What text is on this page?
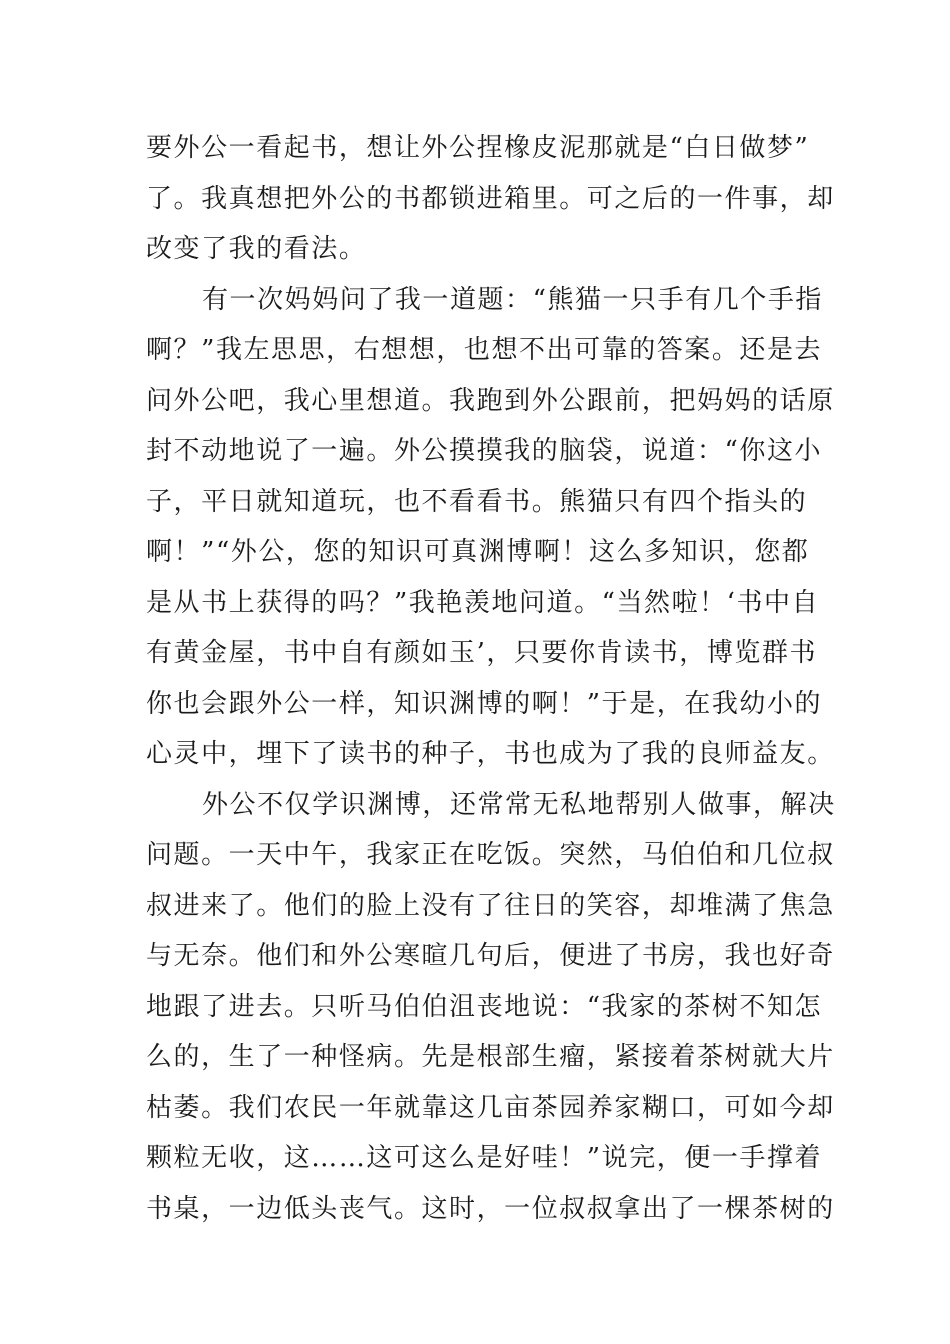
要外公一看起书，想让外公捏橡皮泥那就是“白日做梦”
了。我真想把外公的书都锁进箱里。可之后的一件事，却
改变了我的看法。
有一次妈妈问了我一道题：“熊猫一只手有几个手指
啊？”我左思思，右想想，也想不出可靠的答案。还是去
问外公吧，我心里想道。我跑到外公跟前，把妈妈的话原
封不动地说了一遍。外公摸摸我的脑袋，说道：“你这小
子，平日就知道玩，也不看看书。熊猫只有四个指头的
啊！”“外公，您的知识可真渊博啊！这么多知识，您都
是从书上获得的吗？”我艳羡地问道。“当然啦！‘书中自
有黄金屋，书中自有颜如玉’，只要你肯读书，博览群书
你也会跟外公一样，知识渊博的啊！”于是，在我幼小的
心灵中，埋下了读书的种子，书也成为了我的良师益友。
外公不仅学识渊博，还常常无私地帮别人做事，解决
问题。一天中午，我家正在吃饭。突然，马伯伯和几位叔
叔进来了。他们的脸上没有了往日的笑容，却堆满了焦急
与无奈。他们和外公寒暄几句后，便进了书房，我也好奇
地跟了进去。只听马伯伯沮丧地说：“我家的茶树不知怎
么的，生了一种怪病。先是根部生瘤，紧接着茶树就大片
枯萎。我们农民一年就靠这几亩茶园养家糊口，可如今却
颗粒无收，这……这可这么是好哇！”说完，便一手撑着
书桌，一边低头丧气。这时，一位叔叔拿出了一棵茶树的
